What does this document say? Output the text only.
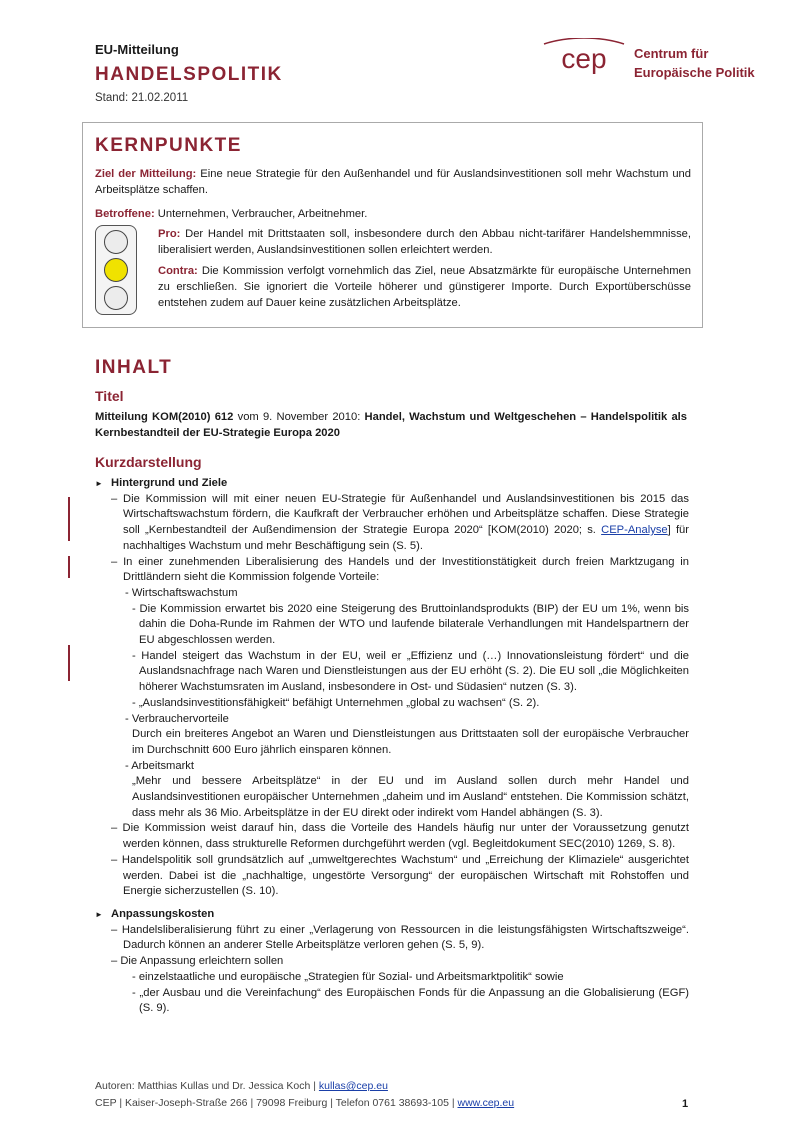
EU-Mitteilung
HANDELSPOLITIK
Stand: 21.02.2011
cep Centrum für
Europäische Politik
KERNPUNKTE

Ziel der Mitteilung: Eine neue Strategie für den Außenhandel und für Auslandsinvestitionen soll mehr Wachstum und Arbeitsplätze schaffen.

Betroffene: Unternehmen, Verbraucher, Arbeitnehmer.

Pro: Der Handel mit Drittstaaten soll, insbesondere durch den Abbau nicht-tarifärer Handelshemmnisse, liberalisiert werden, Auslandsinvestitionen sollen erleichtert werden.

Contra: Die Kommission verfolgt vornehmlich das Ziel, neue Absatzmärkte für europäische Unternehmen zu erschließen. Sie ignoriert die Vorteile höherer und günstigerer Importe. Durch Exportüberschüsse entstehen zudem auf Dauer keine zusätzlichen Arbeitsplätze.

INHALT
Titel

Mitteilung KOM(2010) 612 vom 9. November 2010: Handel, Wachstum und Weltgeschehen – Handelspolitik als Kernbestandteil der EU-Strategie Europa 2020

Kurzdarstellung

► Hintergrund und Ziele

– Die Kommission will mit einer neuen EU-Strategie für Außenhandel und Auslandsinvestitionen bis 2015 das Wirtschaftswachstum fördern, die Kaufkraft der Verbraucher erhöhen und Arbeitsplätze schaffen. Diese Strategie soll „Kernbestandteil der Außendimension der Strategie Europa 2020“ [KOM(2010) 2020; s. CEP-Analyse] für nachhaltiges Wachstum und mehr Beschäftigung sein (S. 5).

– In einer zunehmenden Liberalisierung des Handels und der Investitionstätigkeit durch freien Marktzugang in Drittländern sieht die Kommission folgende Vorteile:

- Wirtschaftswachstum

- Die Kommission erwartet bis 2020 eine Steigerung des Bruttoinlandsprodukts (BIP) der EU um 1%, wenn bis dahin die Doha-Runde im Rahmen der WTO und laufende bilaterale Verhandlungen mit Handelspartnern der EU abgeschlossen werden.

- Handel steigert das Wachstum in der EU, weil er „Effizienz und (…) Innovationsleistung fördert“ und die Auslandsnachfrage nach Waren und Dienstleistungen aus der EU erhöht (S. 2). Die EU soll „die Möglichkeiten höherer Wachstumsraten im Ausland, insbesondere in Ost- und Südasien“ nutzen (S. 3).

- „Auslandsinvestitionsfähigkeit“ befähigt Unternehmen „global zu wachsen“ (S. 2).

- Verbrauchervorteile

Durch ein breiteres Angebot an Waren und Dienstleistungen aus Drittstaaten soll der europäische Verbraucher im Durchschnitt 600 Euro jährlich einsparen können.

- Arbeitsmarkt

„Mehr und bessere Arbeitsplätze“ in der EU und im Ausland sollen durch mehr Handel und Auslandsinvestitionen europäischer Unternehmen „daheim und im Ausland“ entstehen. Die Kommission schätzt, dass mehr als 36 Mio. Arbeitsplätze in der EU direkt oder indirekt vom Handel abhängen (S. 3).

– Die Kommission weist darauf hin, dass die Vorteile des Handels häufig nur unter der Voraussetzung genutzt werden können, dass strukturelle Reformen durchgeführt werden (vgl. Begleitdokument SEC(2010) 1269, S. 8).

– Handelspolitik soll grundsätzlich auf „umweltgerechtes Wachstum“ und „Erreichung der Klimaziele“ ausgerichtet werden. Dabei ist die „nachhaltige, ungestörte Versorgung“ der europäischen Wirtschaft mit Rohstoffen und Energie sicherzustellen (S. 10).

► Anpassungskosten

– Handelsliberalisierung führt zu einer „Verlagerung von Ressourcen in die leistungsfähigsten Wirtschaftszweige“. Dadurch können an anderer Stelle Arbeitsplätze verloren gehen (S. 5, 9).

– Die Anpassung erleichtern sollen

- einzelstaatliche und europäische „Strategien für Sozial- und Arbeitsmarktpolitik“ sowie

- „der Ausbau und die Vereinfachung“ des Europäischen Fonds für die Anpassung an die Globalisierung (EGF) (S. 9).

Autoren: Matthias Kullas und Dr. Jessica Koch | kullas@cep.eu
CEP | Kaiser-Joseph-Straße 266 | 79098 Freiburg | Telefon 0761 38693-105 | www.cep.eu	1
